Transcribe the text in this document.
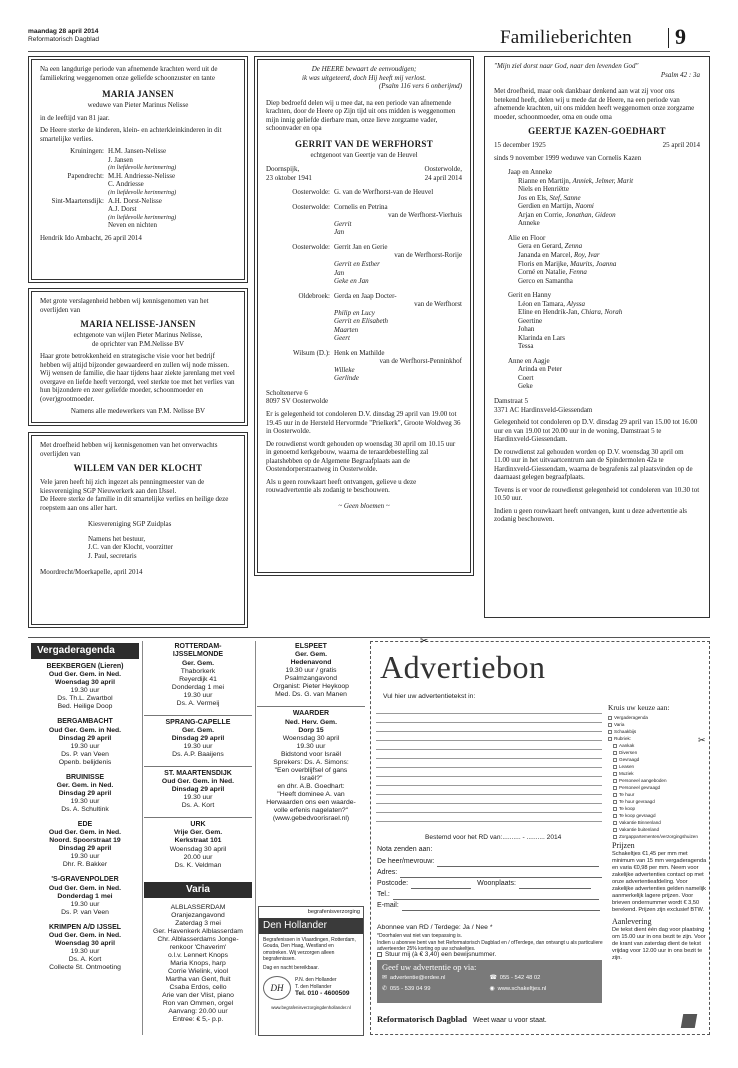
maandag 28 april 2014
Reformatorisch Dagblad	Familieberichten 9
Na een langdurige periode van afnemende krachten werd uit de familiekring weggenomen onze geliefde schoonzuster en tante
MARIA JANSEN
weduwe van Pieter Marinus Nelisse
in de leeftijd van 81 jaar.
De Heere sterke de kinderen, klein- en achterkleinkinderen in dit smartelijke verlies.
Kruiningen: H.M. Jansen-Nelisse
J. Jansen
(in liefdevolle herinnering)
Papendrecht: M.H. Andriesse-Nelisse
C. Andriesse
(in liefdevolle herinnering)
Sint-Maartensdijk: A.H. Dorst-Nelisse
A.J. Dorst
(in liefdevolle herinnering)
Neven en nichten
Hendrik Ido Ambacht, 26 april 2014
Met grote verslagenheid hebben wij kennisgenomen van het overlijden van
MARIA NELISSE-JANSEN
echtgenote van wijlen Pieter Marinus Nelisse,
de oprichter van P.M.Nelisse BV
Haar grote betrokkenheid en strategische visie voor het bedrijf hebben wij altijd bijzonder gewaardeerd en zullen wij node missen.
Wij wensen de familie, die haar tijdens haar ziekte jarenlang met veel overgave en liefde heeft verzorgd, veel sterkte toe met het verlies van hun bijzondere en zeer geliefde moeder, schoonmoeder en (over)grootmoeder.
Namens alle medewerkers van P.M. Nelisse BV
Met droefheid hebben wij kennisgenomen van het onverwachts overlijden van
WILLEM VAN DER KLOCHT
Vele jaren heeft hij zich ingezet als penningmeester van de kiesvereniging SGP Nieuwerkerk aan den IJssel.
De Heere sterke de familie in dit smartelijke verlies en heilige deze roepstem aan ons aller hart.
Kiesvereniging SGP Zuidplas
Namens het bestuur,
J.C. van der Klocht, voorzitter
J. Paul, secretaris
Moordrecht/Moerkapelle, april 2014
De HEERE bewaart de eenvoudigen;
ik was uitgeteerd, doch Hij heeft mij verlost.
(Psalm 116 vers 6 onberijmd)
Diep bedroefd delen wij u mee dat, na een periode van afnemende krachten, door de Heere op Zijn tijd uit ons midden is weggenomen mijn innig geliefde dierbare man, onze lieve zorgzame vader, schoonvader en opa
GERRIT VAN DE WERFHORST
echtgenoot van Geertje van de Heuvel
Doornspijk,
23 oktober 1941
Oosterwolde,
24 april 2014
Oosterwolde: G. van de Werfhorst-van de Heuvel
Oosterwolde: Cornelis en Petrina
van de Werfhorst-Vierhuis
Gerrit
Jan
Oosterwolde: Gerrit Jan en Gerie
van de Werfhorst-Rorije
Gerrit en Esther
Jan
Geke en Jan
Oldebroek: Gerda en Jaap Docter-
van de Werfhorst
Philip en Lucy
Gerrit en Elisabeth
Maarten
Geert
Wilsum (D.): Henk en Mathilde
van de Werfhorst-Penninkhof
Willeke
Gerlinde
Scholtenerve 6
8097 SV Oosterwolde
Er is gelegenheid tot condoleren D.V. dinsdag 29 april van 19.00 tot 19.45 uur in de Hersteld Hervormde "Prielkerk", Groote Woldweg 36 in Oosterwolde.
De rouwdienst wordt gehouden op woensdag 30 april om 10.15 uur in genoemd kerkgebouw, waarna de teraardebestelling zal plaatshebben op de Algemene Begraafplaats aan de Oostendorperstraatweg in Oosterwolde.
Als u geen rouwkaart heeft ontvangen, gelieve u deze rouwadvertentie als zodanig te beschouwen.
~ Geen bloemen ~
"Mijn ziel dorst naar God, naar den levenden God"
Psalm 42 : 3a
Met droefheid, maar ook dankbaar denkend aan wat zij voor ons betekend heeft, delen wij u mede dat de Heere, na een periode van afnemende krachten, uit ons midden heeft weggenomen onze zorgzame moeder, schoonmoeder, oma en oude oma
GEERTJE KAZEN-GOEDHART
15 december 1925	25 april 2014
sinds 9 november 1999 weduwe van Cornelis Kazen
Jaap en Anneke
Rianne en Martijn, Anniek, Jelmer, Marit
Niels en Henriëtte
Jos en Els, Stef, Sanne
Gerdien en Martijn, Naomi
Arjan en Corrie, Jonathan, Gideon
Anneke
Alie en Floor
Gera en Gerard, Zenna
Jananda en Marcel, Roy, Ivar
Floris en Marijke, Maurits, Joanna
Corné en Natalie, Fenna
Gerco en Samantha
Gerit en Hanny
Léon en Tamara, Alyssa
Eline en Hendrik-Jan, Chiara, Norah
Geertine
Johan
Klarinda en Lars
Tessa
Anne en Aagje
Arinda en Peter
Coert
Geke
Damstraat 5
3371 AC Hardinxveld-Giessendam
Gelegenheid tot condoleren op D.V. dinsdag 29 april van 15.00 tot 16.00 uur en van 19.00 tot 20.00 uur in de woning, Damstraat 5 te Hardinxveld-Giessendam.
De rouwdienst zal gehouden worden op D.V. woensdag 30 april om 11.00 uur in het uitvaartcentrum aan de Spindermolen 42a te Hardinxveld-Giessendam, waarna de begrafenis zal plaatsvinden op de daarnaast gelegen begraafplaats.
Tevens is er voor de rouwdienst gelegenheid tot condoleren van 10.30 tot 10.50 uur.
Indien u geen rouwkaart heeft ontvangen, kunt u deze advertentie als zodanig beschouwen.
Vergaderagenda
BEEKBERGEN (Lieren)
Oud Ger. Gem. in Ned.
Woensdag 30 april
19.30 uur
Ds. Th.L. Zwartbol
Bed. Heilige Doop
BERGAMBACHT
Oud Ger. Gem. in Ned.
Dinsdag 29 april
19.30 uur
Ds. P. van Veen
Openb. belijdenis
BRUINISSE
Ger. Gem. in Ned.
Dinsdag 29 april
19.30 uur
Ds. A. Schultink
EDE
Oud Ger. Gem. in Ned.
Noord. Spoorstraat 19
Dinsdag 29 april
19.30 uur
Dhr. R. Bakker
'S-GRAVENPOLDER
Oud Ger. Gem. in Ned.
Donderdag 1 mei
19.30 uur
Ds. P. van Veen
KRIMPEN A/D IJSSEL
Oud Ger. Gem. in Ned.
Woensdag 30 april
19.30 uur
Ds. A. Kort
Collecte St. Ontmoeting
ROTTERDAM-
IJSSELMONDE
Ger. Gem.
Thaborkerk
Reyerdijk 41
Donderdag 1 mei
19.30 uur
Ds. A. Vermeij
SPRANG-CAPELLE
Ger. Gem.
Dinsdag 29 april
19.30 uur
Ds. A.P. Baaijens
ST. MAARTENSDIJK
Oud Ger. Gem. in Ned.
Dinsdag 29 april
19.30 uur
Ds. A. Kort
URK
Vrije Ger. Gem.
Kerkstraat 101
Woensdag 30 april
20.00 uur
Ds. K. Veldman
ELSPEET
Ger. Gem.
Hedenavond
19.30 uur / gratis
Psalmzangavond
Organist: Pieter Heykoop
Med. Ds. G. van Manen
WAARDER
Ned. Herv. Gem.
Dorp 15
Woensdag 30 april
19.30 uur
Bidstond voor Israël
Sprekers: Ds. A. Simons:
"Een overblijfsel of gans
Israël?"
en dhr. A.B. Goedhart:
"Heeft dominee A. van
Herwaarden ons een waarde-
volle erfenis nagelaten?"
(www.gebedvoorisrael.nl)
Varia
ALBLASSERDAM
Oranjezangavond
Zaterdag 3 mei
Ger. Havenkerk Alblasserdam
Chr. Alblasserdams Jonge-
renkoor 'Chaverim'
o.l.v. Lennert Knops
Maria Knops, harp
Corrie Wielink, viool
Martha van Gent, fluit
Csaba Erdos, cello
Arie van der Vlist, piano
Ron van Ommen, orgel
Aanvang: 20.00 uur
Entree: € 5,- p.p.
begrafenisverzorging
Den Hollander
Begrafenissen in Vlaardingen, Rotterdam, Gouda, Den Haag, Westland en omstreken. Wij verzorgen alleen begrafenissen.
Dag en nacht bereikbaar.
DH
P.N. den Hollander
T. den Hollander
Tel. 010 - 4600509
www.begrafenisverzorgingdenhollander.nl
✂
Advertiebon
Vul hier uw advertentietekst in:
Kruis uw keuze aan:
Vergaderagenda
Varia
Schaakbijs
Rubriek:
Aankak
Diversen
Gevraagd
Leasen
Muziek
Personeel aangeboden
Personeel gevraagd
Te huur
Te huur gevraagd
Te koop
Te koop gevraagd
Vakantie Binnenland
Vakantie buitenland
Zorgappartementen/verzorgingshuizen
✂
Bestemd voor het RD van:.......... - .......... 2014
Nota zenden aan:
De heer/mevrouw:
Adres:
Postcode:	Woonplaats:
Tel.:
E-mail:
Abonnee van RD / Terdege: Ja / Nee *
*Doorhalen wat niet van toepassing is.
Indien u abonnee bent van het Reformatorisch Dagblad en / ofTerdege, dan ontvangt u als particuliere adverteerder 25% korting op uw schakeltjes.
Stuur mij (à € 3,40) een bewijsnummer.
Geef uw advertentie op via:
✉ advertentie@erdee.nl	☎ 055 - 542 48 02
✆ 055 - 539 04 99	◉ www.schakeltjes.nl
Reformatorisch Dagblad Weet waar u voor staat.
Prijzen
Schakeltjes €1,45 per mm met minimum van 15 mm vergaderagenda en varia €0,98 per mm. Neem voor zakelijke advertenties contact op met onze advertentieafdeling. Voor zakelijke advertenties gelden namelijk aanmerkelijk lagere prijzen. Voor brieven ondernummer wordt € 3,50 berekend. Prijzen zijn exclusief BTW.
Aanlevering
De tekst dient één dag voor plaatsing om 15.00 uur in ons bezit te zijn. Voor de krant van zaterdag dient de tekst vrijdag voor 12.00 uur in ons bezit te zijn.
